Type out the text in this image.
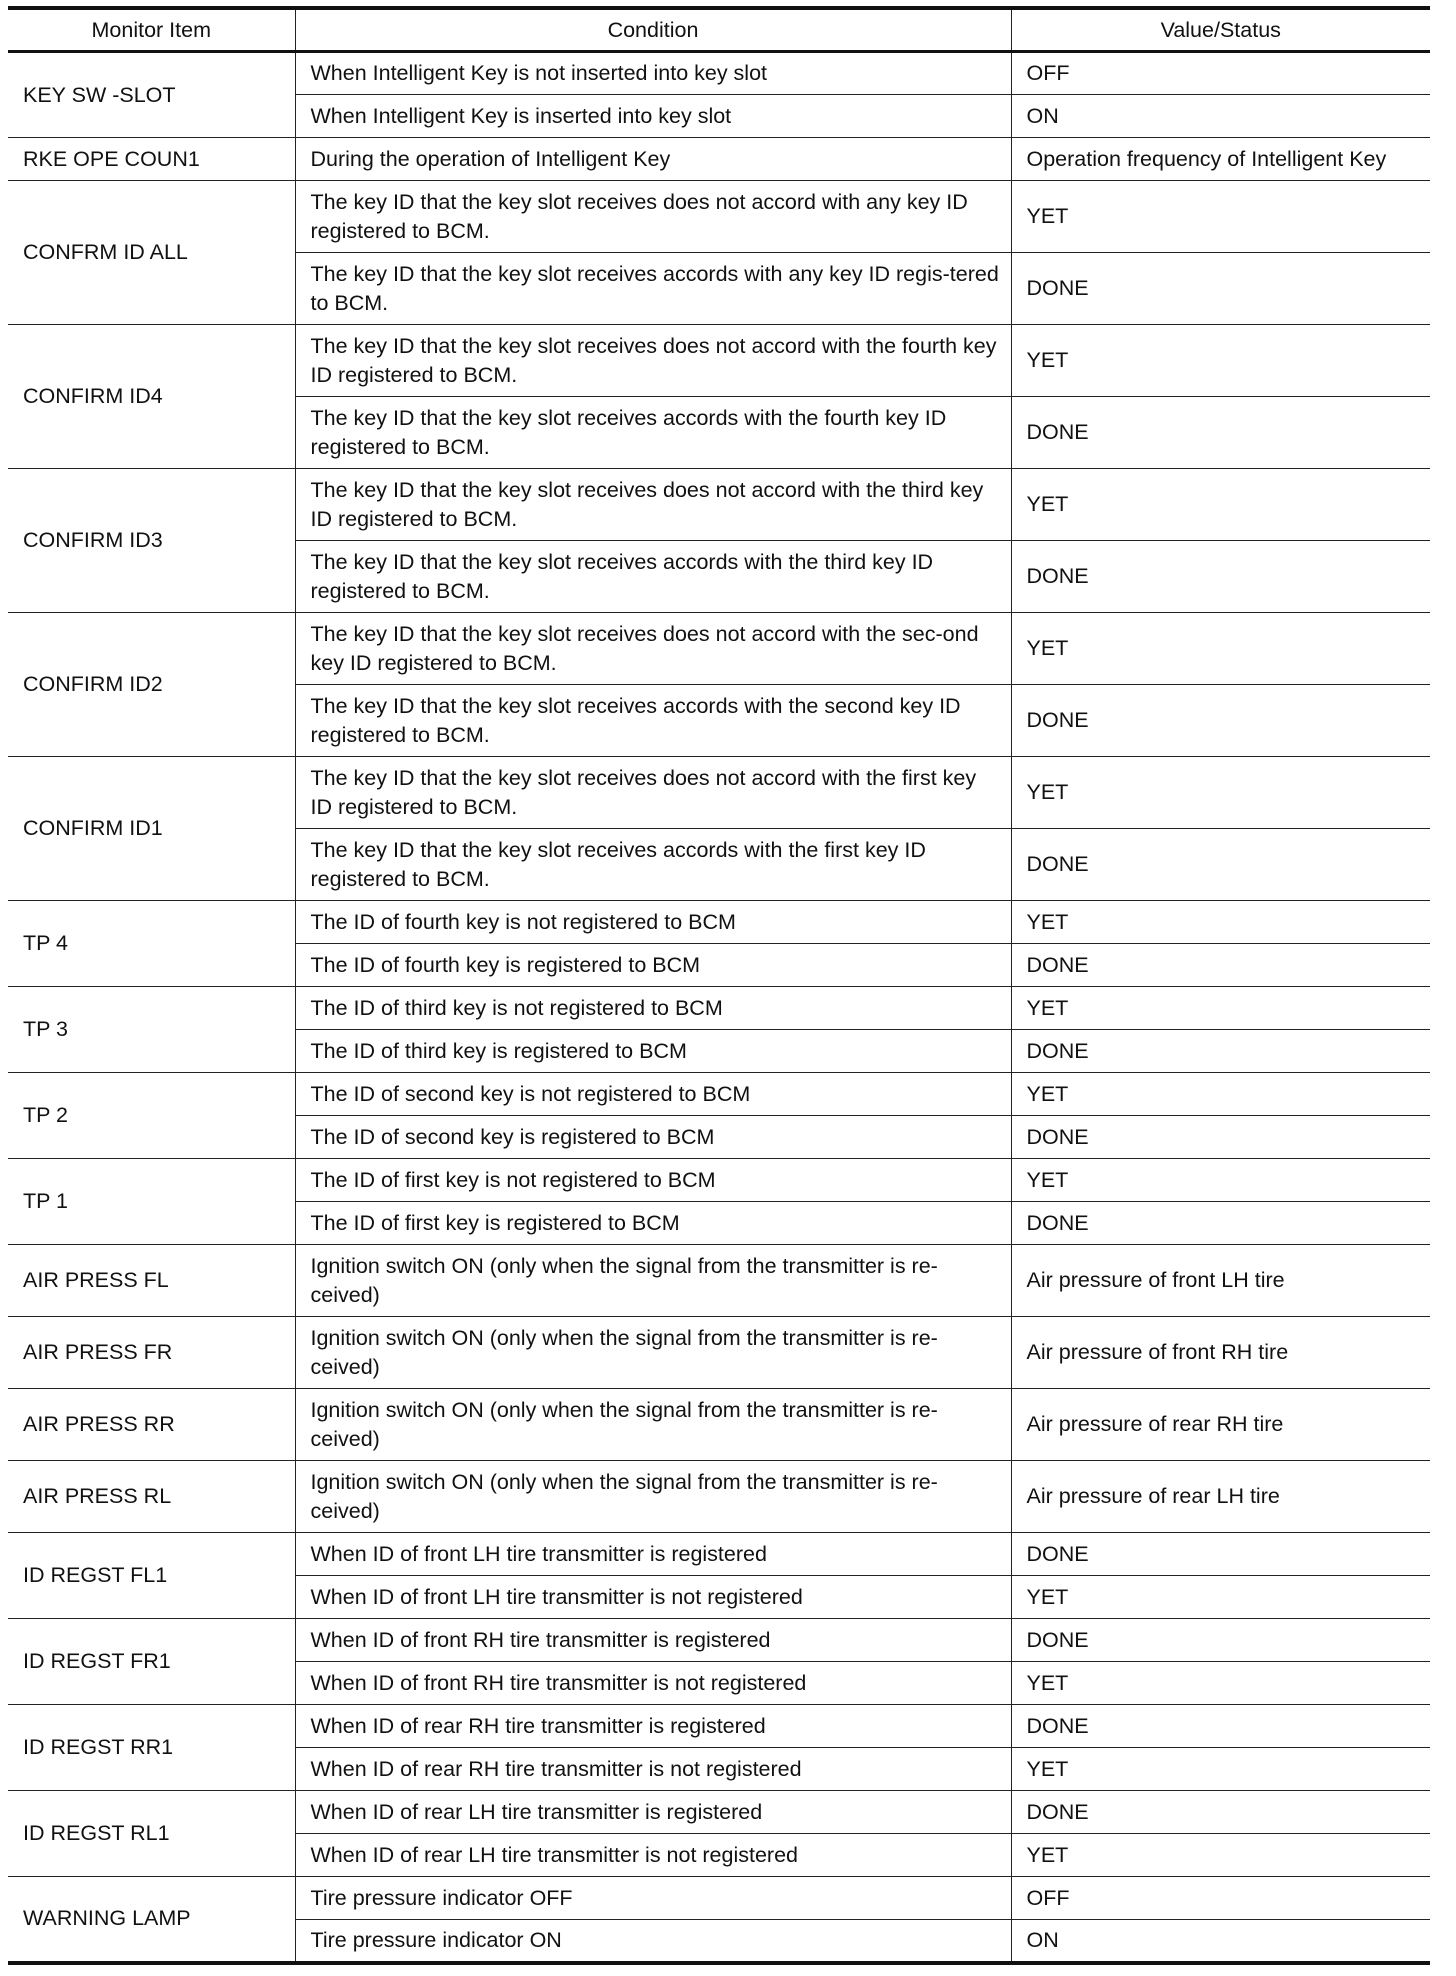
Monitor Item	Condition	Value/Status
KEY SW -SLOT	When Intelligent Key is not inserted into key slot	OFF
	When Intelligent Key is inserted into key slot	ON
RKE OPE COUN1	During the operation of Intelligent Key	Operation frequency of Intelligent Key
CONFRM ID ALL	The key ID that the key slot receives does not accord with any key ID registered to BCM.	YET
	The key ID that the key slot receives accords with any key ID regis-tered to BCM.	DONE
CONFIRM ID4	The key ID that the key slot receives does not accord with the fourth key ID registered to BCM.	YET
	The key ID that the key slot receives accords with the fourth key ID registered to BCM.	DONE
CONFIRM ID3	The key ID that the key slot receives does not accord with the third key ID registered to BCM.	YET
	The key ID that the key slot receives accords with the third key ID registered to BCM.	DONE
CONFIRM ID2	The key ID that the key slot receives does not accord with the sec-ond key ID registered to BCM.	YET
	The key ID that the key slot receives accords with the second key ID registered to BCM.	DONE
CONFIRM ID1	The key ID that the key slot receives does not accord with the first key ID registered to BCM.	YET
	The key ID that the key slot receives accords with the first key ID registered to BCM.	DONE
TP 4	The ID of fourth key is not registered to BCM	YET
	The ID of fourth key is registered to BCM	DONE
TP 3	The ID of third key is not registered to BCM	YET
	The ID of third key is registered to BCM	DONE
TP 2	The ID of second key is not registered to BCM	YET
	The ID of second key is registered to BCM	DONE
TP 1	The ID of first key is not registered to BCM	YET
	The ID of first key is registered to BCM	DONE
AIR PRESS FL	Ignition switch ON (only when the signal from the transmitter is re-ceived)	Air pressure of front LH tire
AIR PRESS FR	Ignition switch ON (only when the signal from the transmitter is re-ceived)	Air pressure of front RH tire
AIR PRESS RR	Ignition switch ON (only when the signal from the transmitter is re-ceived)	Air pressure of rear RH tire
AIR PRESS RL	Ignition switch ON (only when the signal from the transmitter is re-ceived)	Air pressure of rear LH tire
ID REGST FL1	When ID of front LH tire transmitter is registered	DONE
	When ID of front LH tire transmitter is not registered	YET
ID REGST FR1	When ID of front RH tire transmitter is registered	DONE
	When ID of front RH tire transmitter is not registered	YET
ID REGST RR1	When ID of rear RH tire transmitter is registered	DONE
	When ID of rear RH tire transmitter is not registered	YET
ID REGST RL1	When ID of rear LH tire transmitter is registered	DONE
	When ID of rear LH tire transmitter is not registered	YET
WARNING LAMP	Tire pressure indicator OFF	OFF
	Tire pressure indicator ON	ON
